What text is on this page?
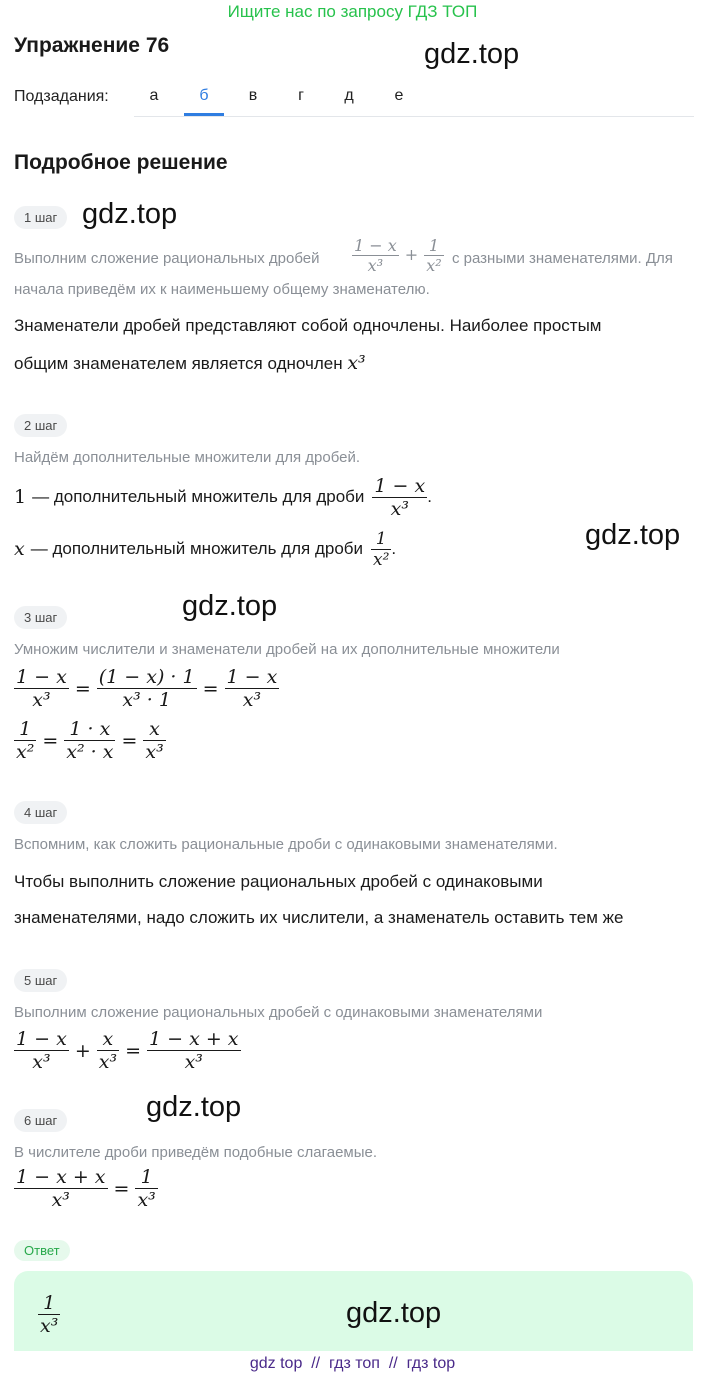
Ищите нас по запросу ГДЗ ТОП
Упражнение 76	gdz.top
Подзадания:	а	б	в	г	д	е
Подробное решение
1 шаг gdz.top
Выполним сложение рациональных дробей $\frac{1 - x}{\text{x³}} + \frac{1}{\text{x²}}$ с разными знаменателями. Для
начала приведём их к наименьшему общему знаменателю.
Знаменатели дробей представляют собой одночлены. Наиболее простым
общим знаменателем является одночлен x³
2 шаг
Найдём дополнительные множители для дробей.
1 — дополнительный множитель для дроби $\frac{1 - x}{\text{x³}}$ .
gdz.top
x — дополнительный множитель для дроби $\frac{1}{\text{x²}}$ .
3 шаг	gdz.top
Умножим числители и знаменатели дробей на их дополнительные множители
$\frac{1 - x}{\text{x³}} = \frac{(1 - x) \cdot 1}{\text{x³ · 1}} = \frac{1 - x}{\text{x³}}$
$\frac{1}{\text{x²}} = \frac{1 \cdot x}{\text{x² · x}} = \frac{x}{\text{x³}}$
4 шаг
Вспомним, как сложить рациональные дроби с одинаковыми знаменателями.
Чтобы выполнить сложение рациональных дробей с одинаковыми
знаменателями, надо сложить их числители, а знаменатель оставить тем же
5 шаг
Выполним сложение рациональных дробей с одинаковыми знаменателями
$\frac{1 - x}{\text{x³}} + \frac{x}{\text{x³}} = \frac{1 - x + x}{\text{x³}}$
6 шаг	gdz.top
В числителе дроби приведём подобные слагаемые.
$\frac{1 - x + x}{\text{x³}} = \frac{1}{\text{x³}}$
Ответ
$\frac{1}{\text{x³}}$	gdz.top
gdz top // гдз топ // гдз top
